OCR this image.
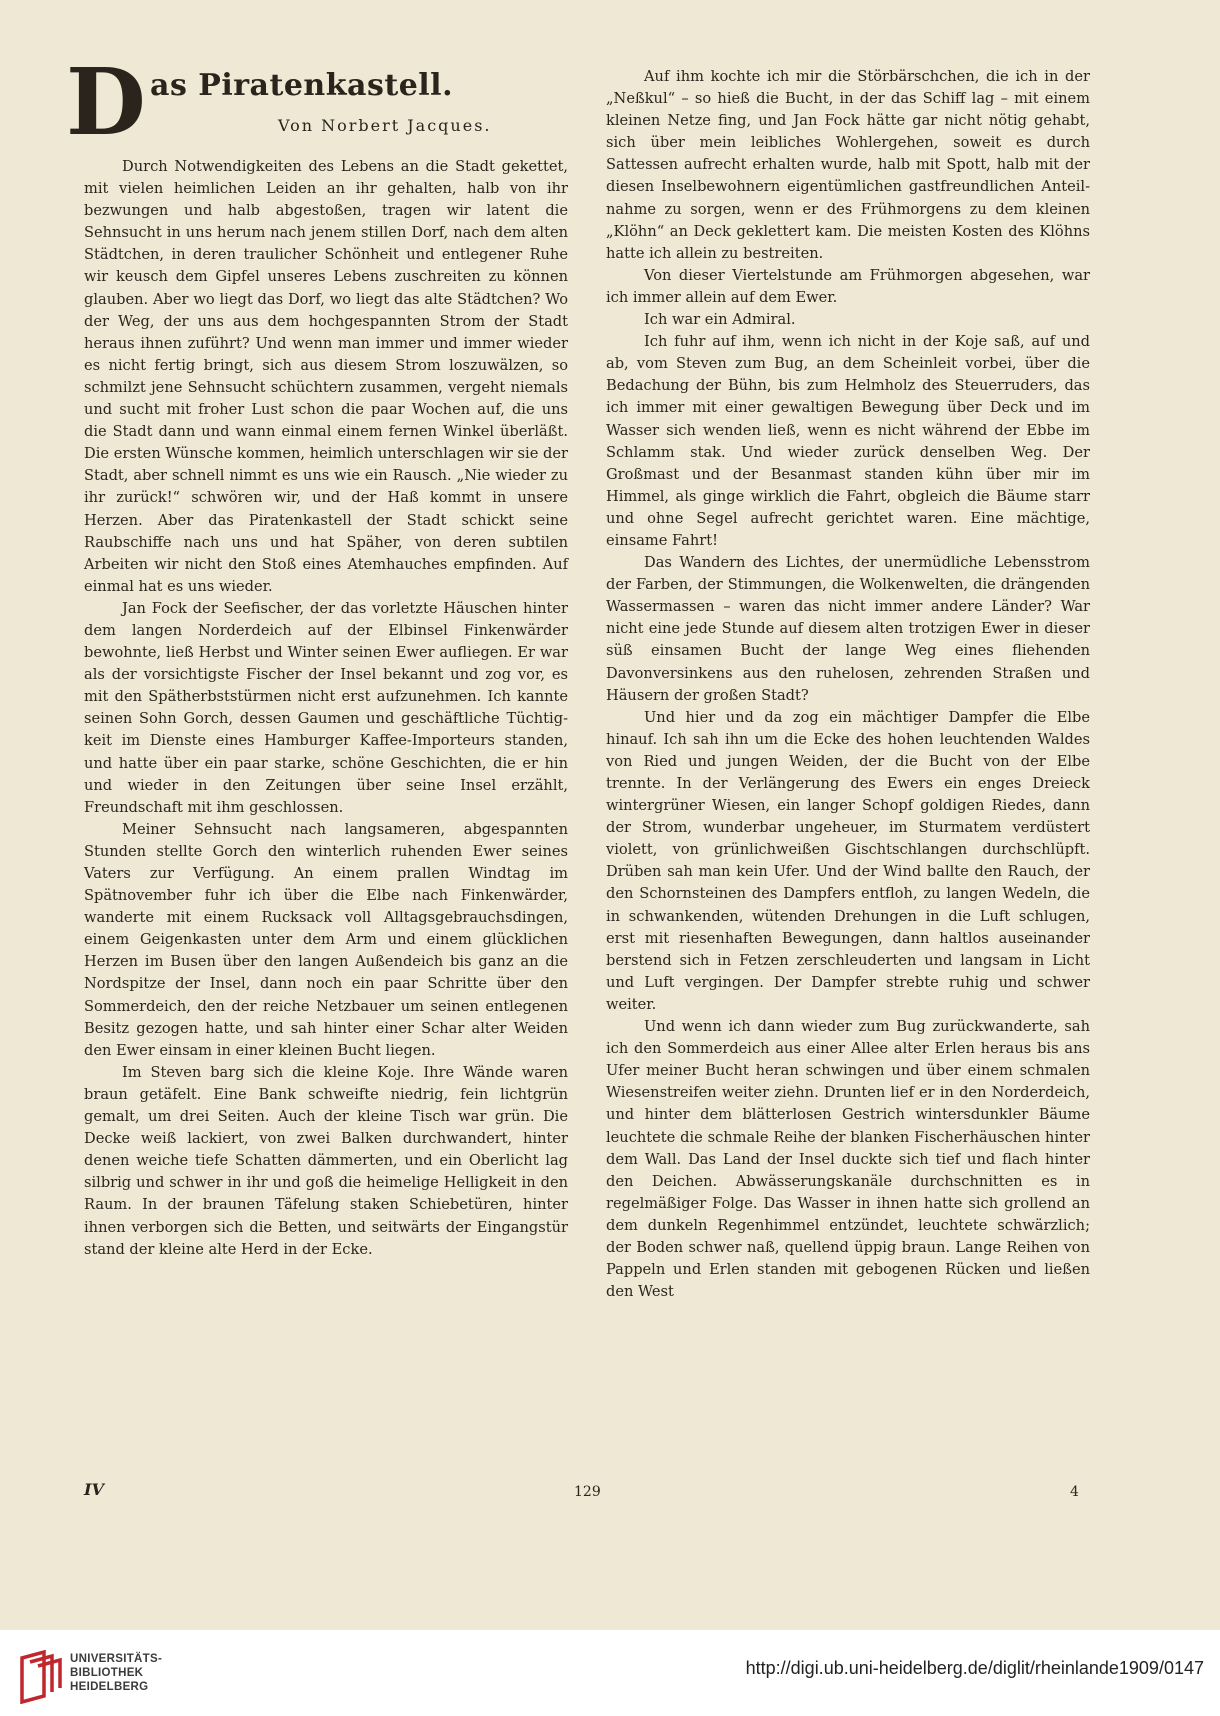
D as Piratenkastell.
Von Norbert Jacques.

Durch Notwendigkeiten des Lebens an die Stadt gekettet, mit vielen heimlichen Leiden an ihr gehalten, halb von ihr bezwungen und halb abgestoßen, tragen wir latent die Sehnsucht in uns herum nach jenem stillen Dorf, nach dem alten Städtchen, in deren traulicher Schönheit und entlegener Ruhe wir keusch dem Gipfel unseres Lebens zuschreiten zu können glauben. Aber wo liegt das Dorf, wo liegt das alte Städtchen? Wo der Weg, der uns aus dem hochgespannten Strom der Stadt heraus ihnen zuführt? Und wenn man immer und immer wieder es nicht fertig bringt, sich aus diesem Strom loszuwälzen, so schmilzt jene Sehnsucht schüchtern zusammen, vergeht niemals und sucht mit froher Lust schon die paar Wochen auf, die uns die Stadt dann und wann einmal einem fernen Winkel überläßt. Die ersten Wünsche kommen, heimlich unterschlagen wir sie der Stadt, aber schnell nimmt es uns wie ein Rausch. „Nie wieder zu ihr zurück!“ schwören wir, und der Haß kommt in unsere Herzen. Aber das Piratenkastell der Stadt schickt seine Raubschiffe nach uns und hat Späher, von deren subtilen Arbeiten wir nicht den Stoß eines Atemhauches empfinden. Auf einmal hat es uns wieder.

Jan Fock der Seefischer, der das vorletzte Häuschen hinter dem langen Norderdeich auf der Elbinsel Finkenwärder bewohnte, ließ Herbst und Winter seinen Ewer aufliegen. Er war als der vorsichtigste Fischer der Insel bekannt und zog vor, es mit den Spätherbststürmen nicht erst aufzunehmen. Ich kannte seinen Sohn Gorch, dessen Gaumen und geschäftliche Tüchtigkeit im Dienste eines Hamburger Kaffee-Importeurs standen, und hatte über ein paar starke, schöne Geschichten, die er hin und wieder in den Zeitungen über seine Insel erzählt, Freundschaft mit ihm geschlossen.

Meiner Sehnsucht nach langsameren, abgespannten Stunden stellte Gorch den winterlich ruhenden Ewer seines Vaters zur Verfügung. An einem prallen Windtag im Spätnovember fuhr ich über die Elbe nach Finkenwärder, wanderte mit einem Rucksack voll Alltagsgebrauchsdingen, einem Geigenkasten unter dem Arm und einem glücklichen Herzen im Busen über den langen Außendeich bis ganz an die Nordspitze der Insel, dann noch ein paar Schritte über den Sommerdeich, den der reiche Netzbauer um seinen entlegenen Besitz gezogen hatte, und sah hinter einer Schar alter Weiden den Ewer einsam in einer kleinen Bucht liegen.

Im Steven barg sich die kleine Koje. Ihre Wände waren braun getäfelt. Eine Bank schweifte niedrig, fein lichtgrün gemalt, um drei Seiten. Auch der kleine Tisch war grün. Die Decke weiß lackiert, von zwei Balken durchwandert, hinter denen weiche tiefe Schatten dämmerten, und ein Oberlicht lag silbrig und schwer in ihr und goß die heimelige Helligkeit in den Raum. In der braunen Täfelung staken Schiebetüren, hinter ihnen verborgen sich die Betten, und seitwärts der Eingangstür stand der kleine alte Herd in der Ecke.

Auf ihm kochte ich mir die Störbärschchen, die ich in der „Neßkul“ – so hieß die Bucht, in der das Schiff lag – mit einem kleinen Netze fing, und Jan Fock hätte gar nicht nötig gehabt, sich über mein leibliches Wohlergehen, soweit es durch Sattessen aufrecht erhalten wurde, halb mit Spott, halb mit der diesen Inselbewohnern eigentümlichen gastfreundlichen Anteilnahme zu sorgen, wenn er des Frühmorgens zu dem kleinen „Klöhn“ an Deck geklettert kam. Die meisten Kosten des Klöhns hatte ich allein zu bestreiten.

Von dieser Viertelstunde am Frühmorgen abgesehen, war ich immer allein auf dem Ewer.

Ich war ein Admiral.

Ich fuhr auf ihm, wenn ich nicht in der Koje saß, auf und ab, vom Steven zum Bug, an dem Scheinleit vorbei, über die Bedachung der Bühn, bis zum Helmholz des Steuerruders, das ich immer mit einer gewaltigen Bewegung über Deck und im Wasser sich wenden ließ, wenn es nicht während der Ebbe im Schlamm stak. Und wieder zurück denselben Weg. Der Großmast und der Besanmast standen kühn über mir im Himmel, als ginge wirklich die Fahrt, obgleich die Bäume starr und ohne Segel aufrecht gerichtet waren. Eine mächtige, einsame Fahrt!

Das Wandern des Lichtes, der unermüdliche Lebensstrom der Farben, der Stimmungen, die Wolkenwelten, die drängenden Wassermassen – waren das nicht immer andere Länder? War nicht eine jede Stunde auf diesem alten trotzigen Ewer in dieser süß einsamen Bucht der lange Weg eines fliehenden Davonversinkens aus den ruhelosen, zehrenden Straßen und Häusern der großen Stadt?

Und hier und da zog ein mächtiger Dampfer die Elbe hinauf. Ich sah ihn um die Ecke des hohen leuchtenden Waldes von Ried und jungen Weiden, der die Bucht von der Elbe trennte. In der Verlängerung des Ewers ein enges Dreieck wintergrüner Wiesen, ein langer Schopf goldigen Riedes, dann der Strom, wunderbar ungeheuer, im Sturmatem verdüstert violett, von grünlichweißen Gischtschlangen durchschlüpft. Drüben sah man kein Ufer. Und der Wind ballte den Rauch, der den Schornsteinen des Dampfers entfloh, zu langen Wedeln, die in schwankenden, wütenden Drehungen in die Luft schlugen, erst mit riesenhaften Bewegungen, dann haltlos auseinander berstend sich in Fetzen zerschleuderten und langsam in Licht und Luft vergingen. Der Dampfer strebte ruhig und schwer weiter.

Und wenn ich dann wieder zum Bug zurückwanderte, sah ich den Sommerdeich aus einer Allee alter Erlen heraus bis ans Ufer meiner Bucht heran schwingen und über einem schmalen Wiesenstreifen weiter ziehn. Drunten lief er in den Norderdeich, und hinter dem blätterlosen Gestrich wintersdunkler Bäume leuchtete die schmale Reihe der blanken Fischerhäuschen hinter dem Wall. Das Land der Insel duckte sich tief und flach hinter den Deichen. Abwässerungskanäle durchschnitten es in regelmäßiger Folge. Das Wasser in ihnen hatte sich grollend an dem dunkeln Regenhimmel entzündet, leuchtete schwärzlich; der Boden schwer naß, quellend üppig braun. Lange Reihen von Pappeln und Erlen standen mit gebogenen Rücken und ließen den West

IV	129	4
UNIVERSITÄTS-
BIBLIOTHEK
HEIDELBERG
http://digi.ub.uni-heidelberg.de/diglit/rheinlande1909/0147
